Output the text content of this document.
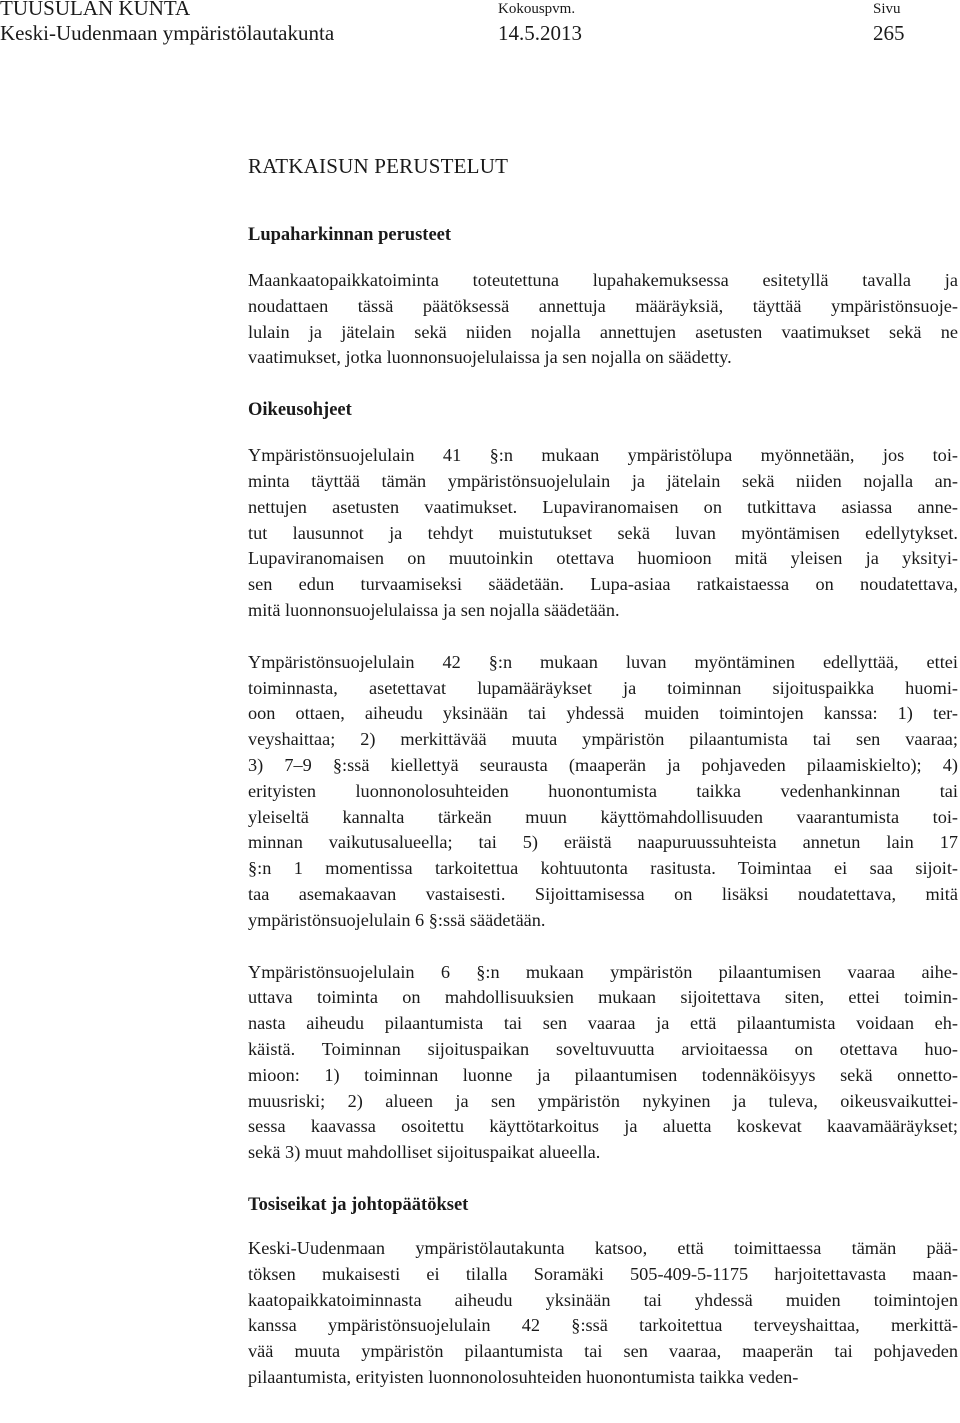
TUUSULAN KUNTA
Keski-Uudenmaan ympäristölautakunta
Kokouspvm.
14.5.2013
Sivu
265
RATKAISUN PERUSTELUT
Lupaharkinnan perusteet

Maankaatopaikkatoiminta toteutettuna lupahakemuksessa esitetyllä tavalla ja
noudattaen tässä päätöksessä annettuja määräyksiä, täyttää ympäristönsuoje-
lulain ja jätelain sekä niiden nojalla annettujen asetusten vaatimukset sekä ne
vaatimukset, jotka luonnonsuojelulaissa ja sen nojalla on säädetty.

Oikeusohjeet

Ympäristönsuojelulain 41 §:n mukaan ympäristölupa myönnetään, jos toi-
minta täyttää tämän ympäristönsuojelulain ja jätelain sekä niiden nojalla an-
nettujen asetusten vaatimukset. Lupaviranomaisen on tutkittava asiassa anne-
tut lausunnot ja tehdyt muistutukset sekä luvan myöntämisen edellytykset.
Lupaviranomaisen on muutoinkin otettava huomioon mitä yleisen ja yksityi-
sen edun turvaamiseksi säädetään. Lupa-asiaa ratkaistaessa on noudatettava,
mitä luonnonsuojelulaissa ja sen nojalla säädetään.

Ympäristönsuojelulain 42 §:n mukaan luvan myöntäminen edellyttää, ettei
toiminnasta, asetettavat lupamääräykset ja toiminnan sijoituspaikka huomi-
oon ottaen, aiheudu yksinään tai yhdessä muiden toimintojen kanssa: 1) ter-
veyshaittaa; 2) merkittävää muuta ympäristön pilaantumista tai sen vaaraa;
3) 7–9 §:ssä kiellettyä seurausta (maaperän ja pohjaveden pilaamiskielto); 4)
erityisten luonnonolosuhteiden huonontumista taikka vedenhankinnan tai
yleiseltä kannalta tärkeän muun käyttömahdollisuuden vaarantumista toi-
minnan vaikutusalueella; tai 5) eräistä naapuruussuhteista annetun lain 17
§:n 1 momentissa tarkoitettua kohtuutonta rasitusta. Toimintaa ei saa sijoit-
taa asemakaavan vastaisesti. Sijoittamisessa on lisäksi noudatettava, mitä
ympäristönsuojelulain 6 §:ssä säädetään.

Ympäristönsuojelulain 6 §:n mukaan ympäristön pilaantumisen vaaraa aihe-
uttava toiminta on mahdollisuuksien mukaan sijoitettava siten, ettei toimin-
nasta aiheudu pilaantumista tai sen vaaraa ja että pilaantumista voidaan eh-
käistä. Toiminnan sijoituspaikan soveltuvuutta arvioitaessa on otettava huo-
mioon: 1) toiminnan luonne ja pilaantumisen todennäköisyys sekä onnetto-
muusriski; 2) alueen ja sen ympäristön nykyinen ja tuleva, oikeusvaikuttei-
sessa kaavassa osoitettu käyttötarkoitus ja aluetta koskevat kaavamääräykset;
sekä 3) muut mahdolliset sijoituspaikat alueella.

Tosiseikat ja johtopäätökset

Keski-Uudenmaan ympäristölautakunta katsoo, että toimittaessa tämän pää-
töksen mukaisesti ei tilalla Soramäki 505-409-5-1175 harjoitettavasta maan-
kaatopaikkatoiminnasta aiheudu yksinään tai yhdessä muiden toimintojen
kanssa ympäristönsuojelulain 42 §:ssä tarkoitettua terveyshaittaa, merkittä-
vää muuta ympäristön pilaantumista tai sen vaaraa, maaperän tai pohjaveden
pilaantumista, erityisten luonnonolosuhteiden huonontumista taikka veden-
